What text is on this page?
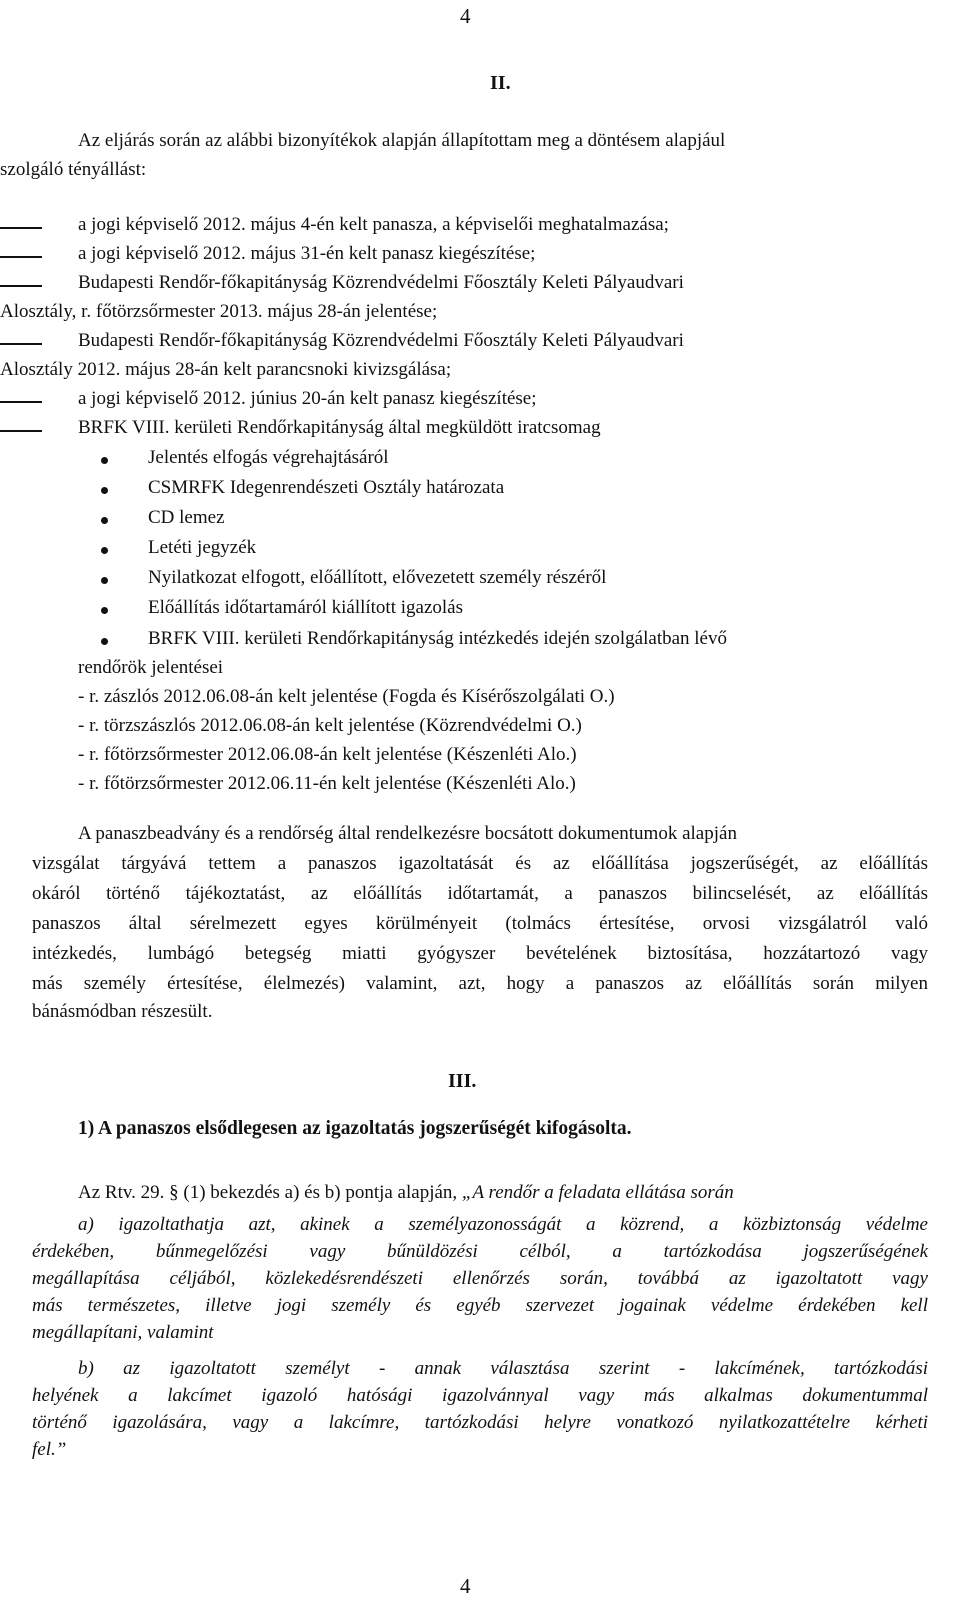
4
II.
Az eljárás során az alábbi bizonyítékok alapján állapítottam meg a döntésem alapjául
szolgáló tényállást:
a jogi képviselő 2012. május 4-én kelt panasza, a képviselői meghatalmazása;
a jogi képviselő 2012. május 31-én kelt panasz kiegészítése;
Budapesti Rendőr-főkapitányság Közrendvédelmi Főosztály Keleti Pályaudvari
Alosztály, r. főtörzsőrmester 2013. május 28-án jelentése;
Budapesti Rendőr-főkapitányság Közrendvédelmi Főosztály Keleti Pályaudvari
Alosztály 2012. május 28-án kelt parancsnoki kivizsgálása;
a jogi képviselő 2012. június 20-án kelt panasz kiegészítése;
BRFK VIII. kerületi Rendőrkapitányság által megküldött iratcsomag
Jelentés elfogás végrehajtásáról
CSMRFK Idegenrendészeti Osztály határozata
CD lemez
Letéti jegyzék
Nyilatkozat elfogott, előállított, elővezetett személy részéről
Előállítás időtartamáról kiállított igazolás
BRFK VIII. kerületi Rendőrkapitányság intézkedés idején szolgálatban lévő
rendőrök jelentései
- r. zászlós 2012.06.08-án kelt jelentése (Fogda és Kísérőszolgálati O.)
- r. törzszászlós 2012.06.08-án kelt jelentése (Közrendvédelmi O.)
- r. főtörzsőrmester 2012.06.08-án kelt jelentése (Készenléti Alo.)
- r. főtörzsőrmester 2012.06.11-én kelt jelentése (Készenléti Alo.)
A panaszbeadvány és a rendőrség által rendelkezésre bocsátott dokumentumok alapján
vizsgálat tárgyává tettem a panaszos igazoltatását és az előállítása jogszerűségét, az előállítás
okáról történő tájékoztatást, az előállítás időtartamát, a panaszos bilincselését, az előállítás
panaszos által sérelmezett egyes körülményeit (tolmács értesítése, orvosi vizsgálatról való
intézkedés, lumbágó betegség miatti gyógyszer bevételének biztosítása, hozzátartozó vagy
más személy értesítése, élelmezés) valamint, azt, hogy a panaszos az előállítás során milyen
bánásmódban részesült.
III.
1) A panaszos elsődlegesen az igazoltatás jogszerűségét kifogásolta.
Az Rtv. 29. § (1) bekezdés a) és b) pontja alapján, „A rendőr a feladata ellátása során
a) igazoltathatja azt, akinek a személyazonosságát a közrend, a közbiztonság védelme
érdekében, bűnmegelőzési vagy bűnüldözési célból, a tartózkodása jogszerűségének
megállapítása céljából, közlekedésrendészeti ellenőrzés során, továbbá az igazoltatott vagy
más természetes, illetve jogi személy és egyéb szervezet jogainak védelme érdekében kell
megállapítani, valamint
b) az igazoltatott személyt - annak választása szerint - lakcímének, tartózkodási
helyének a lakcímet igazoló hatósági igazolvánnyal vagy más alkalmas dokumentummal
történő igazolására, vagy a lakcímre, tartózkodási helyre vonatkozó nyilatkozattételre kérheti
fel.”
4
